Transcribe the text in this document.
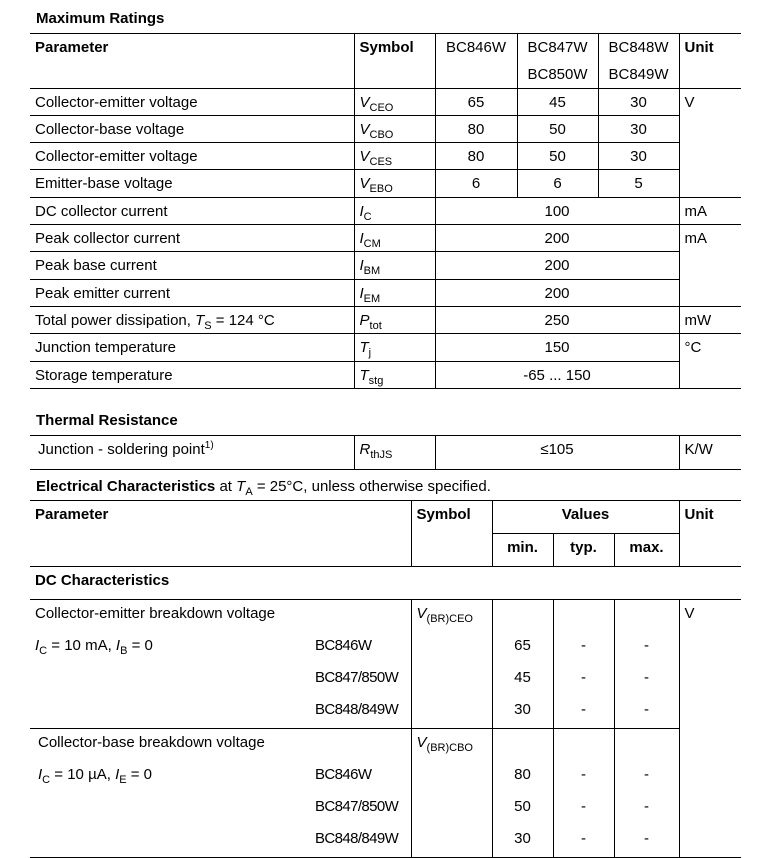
Maximum Ratings
Parameter	Symbol	BC846W	BC847W	BC848W	Unit
			BC850W	BC849W	
Collector-emitter voltage	$V_{CEO}$	65	45	30	V
Collector-base voltage	$V_{CBO}$	80	50	30	
Collector-emitter voltage	$V_{CES}$	80	50	30	
Emitter-base voltage	$V_{EBO}$	6	6	5	
DC collector current	$I_C$	100			mA
Peak collector current	$I_{CM}$	200			mA
Peak base current	$I_{BM}$	200			
Peak emitter current	$I_{EM}$	200			
Total power dissipation, $T_S = 124$ °C	$P_{tot}$	250			mW
Junction temperature	$T_j$	150			°C
Storage temperature	$T_{stg}$	-65 ... 150			
Thermal Resistance
Junction - soldering point$^{1)}$	$R_{thJS}$	≤105	K/W
Electrical Characteristics at $T_A = 25^\circ C$, unless otherwise specified.
Parameter		Symbol	Values			Unit
			min.	typ.	max.	
DC Characteristics						
Collector-emitter breakdown voltage		$V_{(BR)CEO}$				V
$I_C = 10$ mA, $I_B = 0$	BC846W		65	-	-	
	BC847/850W		45	-	-	
	BC848/849W		30	-	-	
Collector-base breakdown voltage		$V_{(BR)CBO}$			
$I_C = 10$ µA, $I_E = 0$	BC846W		80	-	-	
	BC847/850W		50	-	-	
	BC848/849W		30	-	-	
